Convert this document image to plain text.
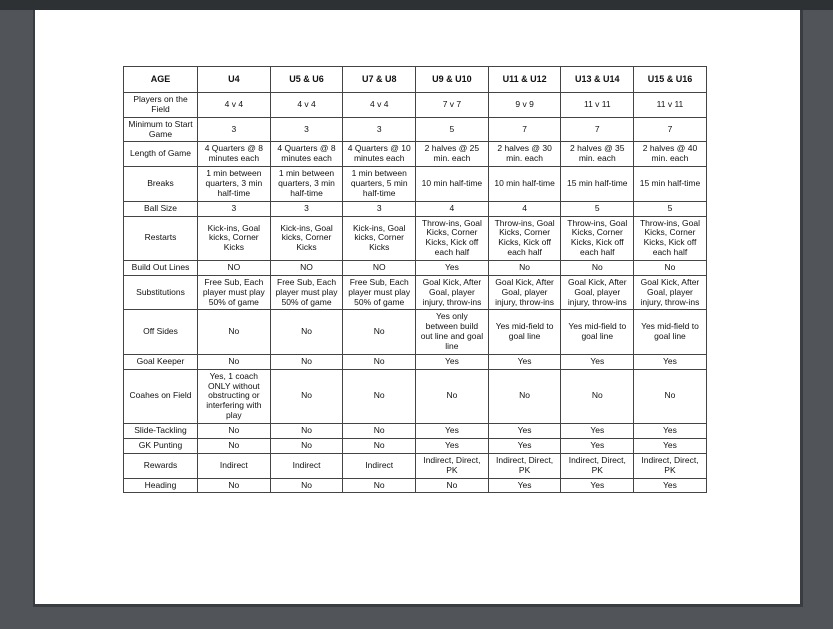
AGE	U4	U5 & U6	U7 & U8	U9 & U10	U11 & U12	U13 & U14	U15 & U16
Players on the Field	4 v 4	4 v 4	4 v 4	7 v 7	9 v 9	11 v 11	11 v 11
Minimum to Start Game	3	3	3	5	7	7	7
Length of Game	4 Quarters @ 8 minutes each	4 Quarters @ 8 minutes each	4 Quarters @ 10 minutes each	2 halves @ 25 min. each	2 halves @ 30 min. each	2 halves @ 35 min. each	2 halves @ 40 min. each
Breaks	1 min between quarters, 3 min half-time	1 min between quarters, 3 min half-time	1 min between quarters, 5 min half-time	10 min half-time	10 min half-time	15 min half-time	15 min half-time
Ball Size	3	3	3	4	4	5	5
Restarts	Kick-ins, Goal kicks, Corner Kicks	Kick-ins, Goal kicks, Corner Kicks	Kick-ins, Goal kicks, Corner Kicks	Throw-ins, Goal Kicks, Corner Kicks, Kick off each half	Throw-ins, Goal Kicks, Corner Kicks, Kick off each half	Throw-ins, Goal Kicks, Corner Kicks, Kick off each half	Throw-ins, Goal Kicks, Corner Kicks, Kick off each half
Build Out Lines	NO	NO	NO	Yes	No	No	No
Substitutions	Free Sub, Each player must play 50% of game	Free Sub, Each player must play 50% of game	Free Sub, Each player must play 50% of game	Goal Kick, After Goal, player injury, throw-ins	Goal Kick, After Goal, player injury, throw-ins	Goal Kick, After Goal, player injury, throw-ins	Goal Kick, After Goal, player injury, throw-ins
Off Sides	No	No	No	Yes only between build out line and goal line	Yes mid-field to goal line	Yes mid-field to goal line	Yes mid-field to goal line
Goal Keeper	No	No	No	Yes	Yes	Yes	Yes
Coahes on Field	Yes, 1 coach ONLY without obstructing or interfering with play	No	No	No	No	No	No
Slide-Tackling	No	No	No	Yes	Yes	Yes	Yes
GK Punting	No	No	No	Yes	Yes	Yes	Yes
Rewards	Indirect	Indirect	Indirect	Indirect, Direct, PK	Indirect, Direct, PK	Indirect, Direct, PK	Indirect, Direct, PK
Heading	No	No	No	No	Yes	Yes	Yes
